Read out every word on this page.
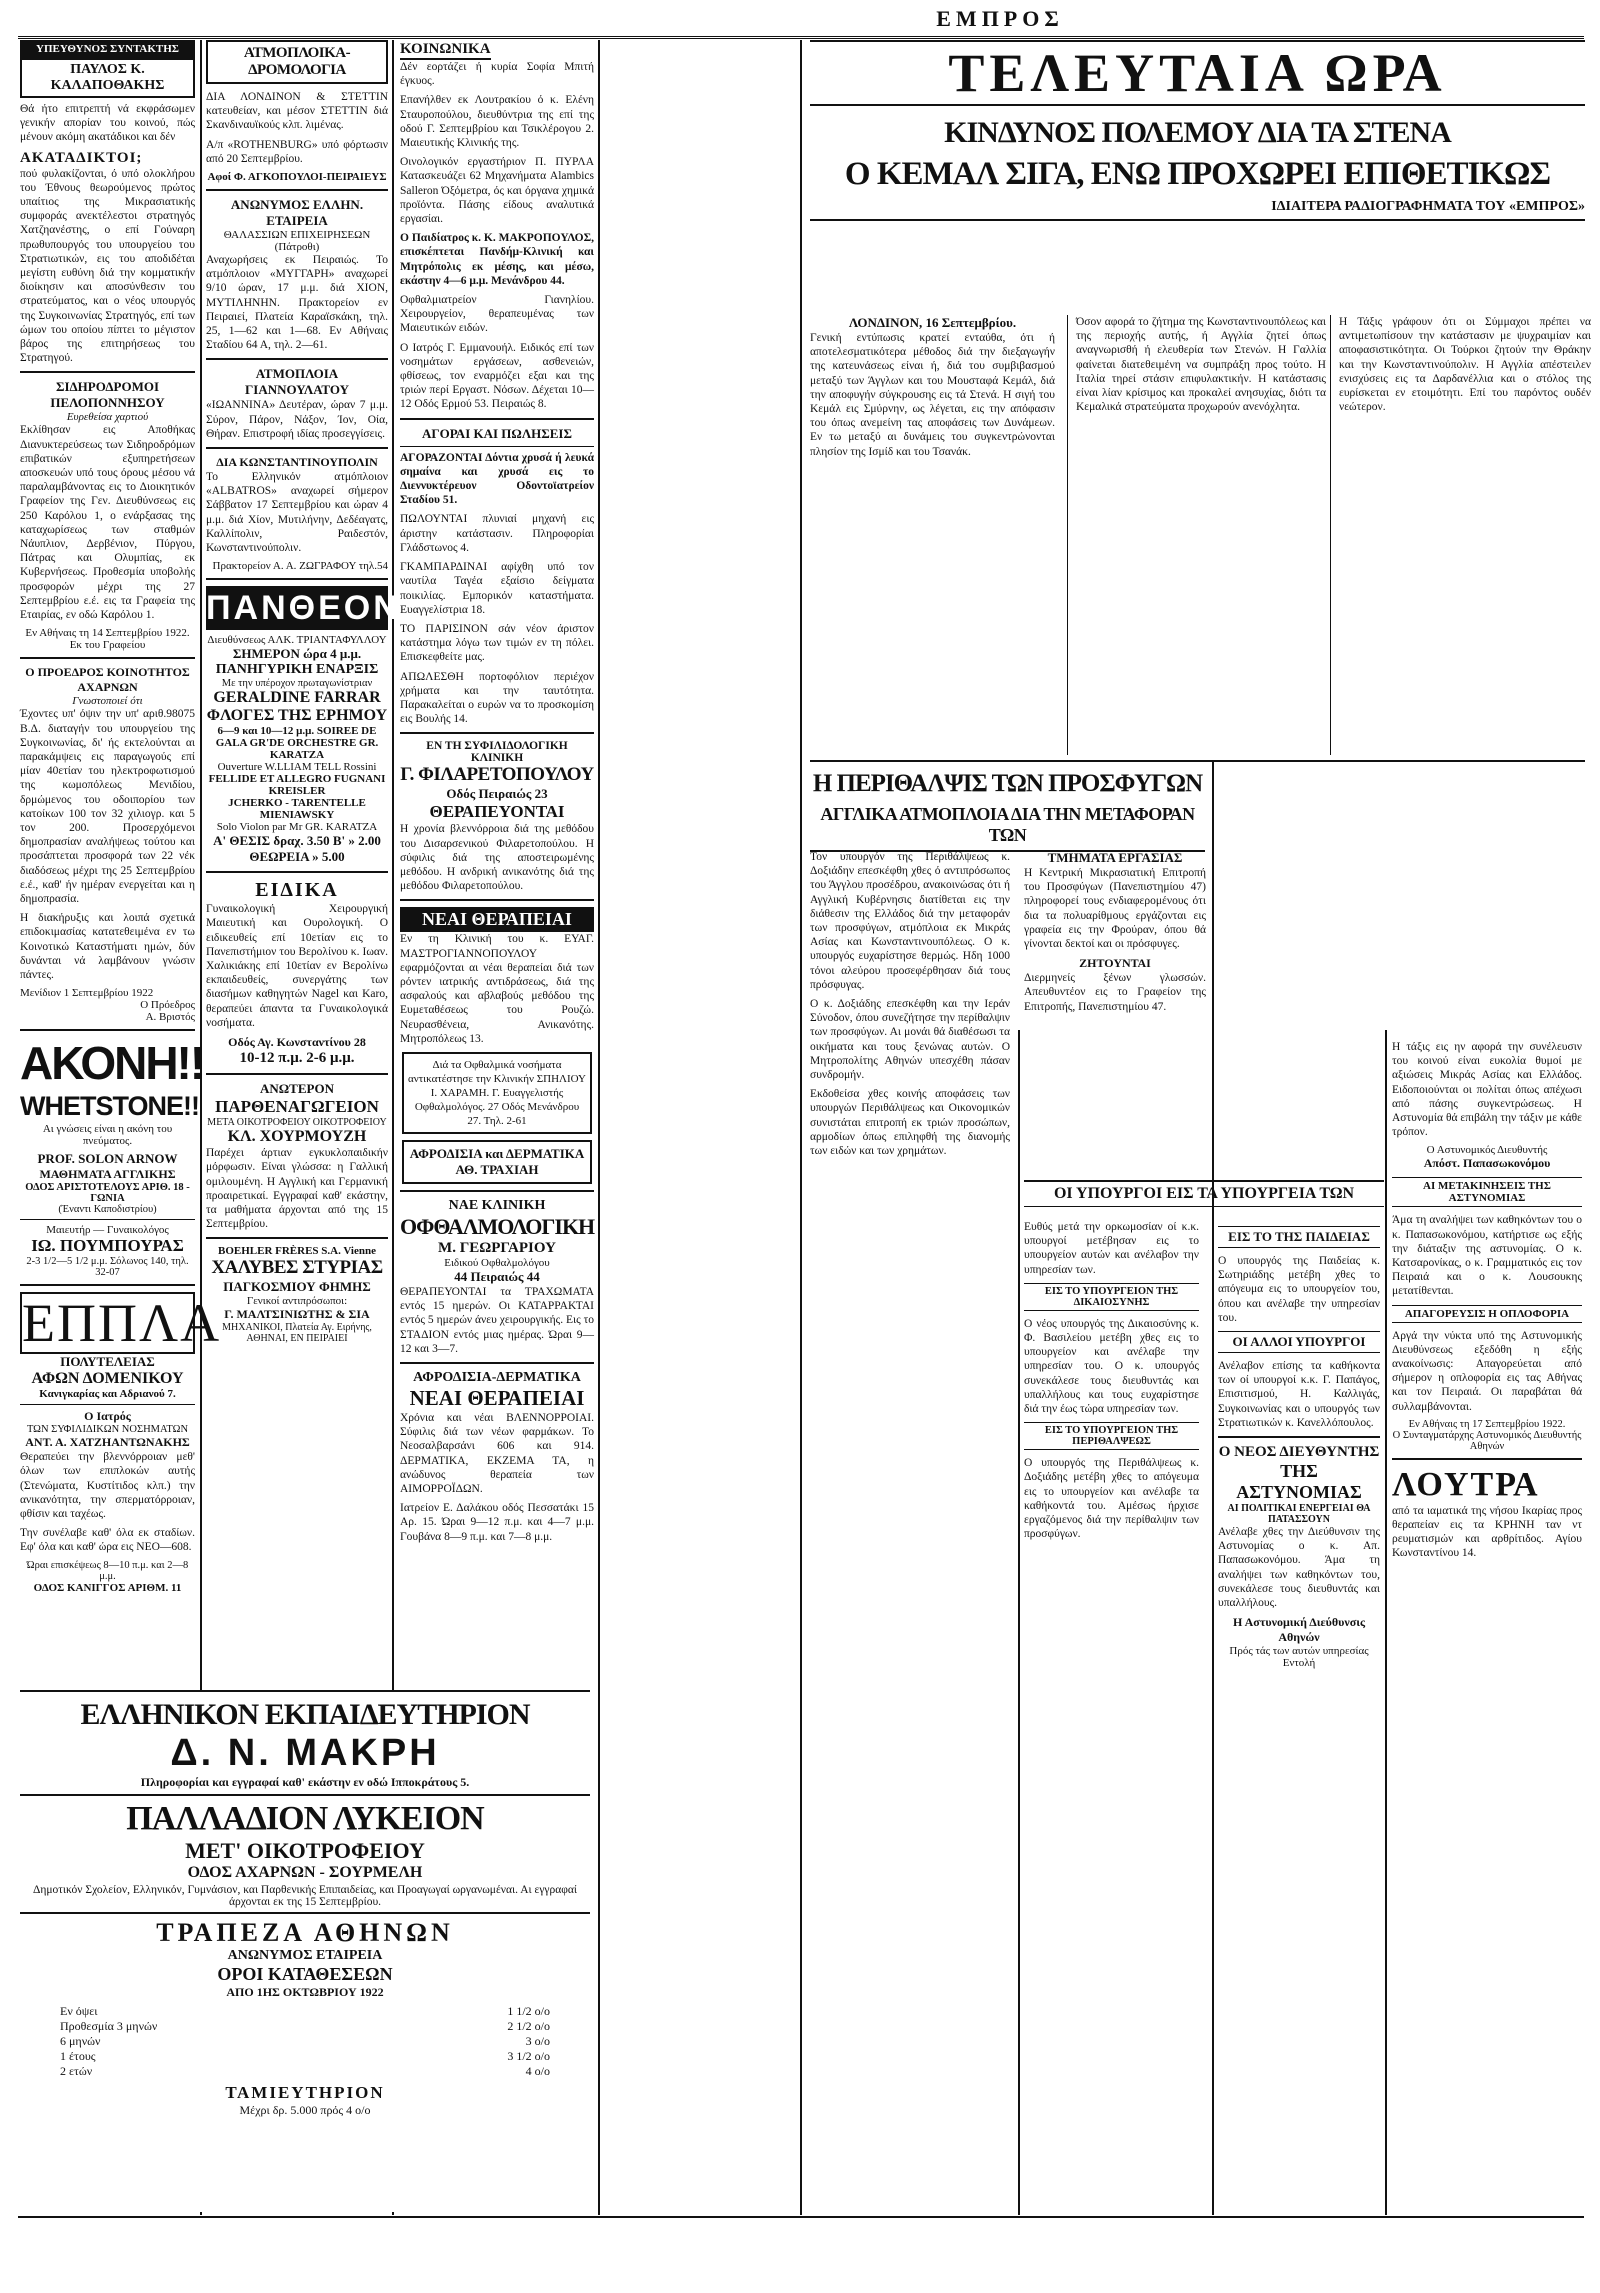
ΕΜΠΡΟΣ
ΥΠΕΥΘΥΝΟΣ ΣΥΝΤΑΚΤΗΣ
ΠΑΥΛΟΣ Κ. ΚΑΛΑΠΟΘΑΚΗΣ

Θά ήτο επιτρεπτή νά εκφράσωμεν γενικήν απορίαν του κοινού, πώς μένουν ακόμη ακατάδικοι και δέν

ΑΚΑΤΑΔΙΚΤΟΙ;

πού φυλακίζονται, ό υπό ολοκλήρου του Έθνους θεωρούμενος πρώτος υπαίτιος της Μικρασιατικής συμφοράς ανεκτέλεστοι στρατηγός Χατζηανέστης, ο επί Γούναρη πρωθυπουργός του υπουργείου του Στρατιωτικών, εις του αποδιδέται μεγίστη ευθύνη διά την κομματικήν διοίκησιν και αποσύνθεσιν του στρατεύματος, και ο νέος υπουργός της Συγκοινωνίας Στρατηγός, επί των ώμων του οποίου πίπτει το μέγιστον βάρος της επιτηρήσεως του Στρατηγού.

ΣΙΔΗΡΟΔΡΟΜΟΙ ΠΕΛΟΠΟΝΝΗΣΟΥ
Ευρεθείσα χαρτιού

Εκλίθησαν εις Αποθήκας Διανυκτερεύσεως των Σιδηροδρόμων επιβατικών εξυπηρετήσεων αποσκευών υπό τους όρους μέσου νά παραλαμβάνοντας εις το Διοικητικόν Γραφείον της Γεν. Διευθύνσεως εις 250 Καρόλου 1, ο ενάρξασας της καταχωρίσεως των σταθμών Νάυπλιον, Δερβένιον, Πύργου, Πάτρας και Ολυμπίας, εκ Κυβερνήσεως. Προθεσμία υποβολής προσφορών μέχρι της 27 Σεπτεμβρίου ε.έ. εις τα Γραφεία της Εταιρίας, εν οδώ Καρόλου 1.

Εν Αθήναις τη 14 Σεπτεμβρίου 1922.
Εκ του Γραφείου
Ο ΠΡΟΕΔΡΟΣ ΚΟΙΝΟΤΗΤΟΣ ΑΧΑΡΝΩΝ
Γνωστοποιεί ότι

Έχοντες υπ' όψιν την υπ' αριθ.98075 Β.Δ. διαταγήν του υπουργείου της Συγκοινωνίας, δι' ής εκτελούνται αι παρακάμψεις εις παραγωγούς επί μίαν 40ετίαν του ηλεκτροφωτισμού της κωμοπόλεως Μενιδίου, δρμώμενος του οδοιπορίου των κατοίκων 100 τον 32 χιλιογρ. και 5 τον 200. Προσερχόμενοι δημοπρασίαν αναλήψεως τούτου και προσάπτεται προσφορά των 22 νέκ διαδόσεως μέχρι της 25 Σεπτεμβρίου ε.έ., καθ' ήν ημέραν ενεργείται και η δημοπρασία.

Η διακήρυξις και λοιπά σχετικά επιδοκιμασίας κατατεθειμένα εν τω Κοινοτικώ Καταστήματι ημών, δύν δυνάνται νά λαμβάνουν γνώσιν πάντες.

Μενίδιον 1 Σεπτεμβρίου 1922
Ο Πρόεδρος
Α. Βριστός
ΑΚΟΝΗ!!
WHETSTONE!!
Αι γνώσεις είναι η ακόνη του πνεύματος.
PROF. SOLON ARNOW
ΜΑΘΗΜΑΤΑ ΑΓΓΛΙΚΗΣ
ΟΔΟΣ ΑΡΙΣΤΟΤΕΛΟΥΣ ΑΡΙΘ. 18 - ΓΩΝΙΑ
(Έναντι Καποδιστρίου)
Μαιευτήρ — Γυναικολόγος
ΙΩ. ΠΟΥΜΠΟΥΡΑΣ
2-3 1/2—5 1/2 μ.μ. Σόλωνος 140, τηλ. 32-07
ΕΠΠΛΑ
ΠΟΛΥΤΕΛΕΙΑΣ
ΑΦΩΝ ΔΟΜΕΝΙΚΟΥ
Κανιγκαρίας και Αδριανού 7.
Ο Ιατρός
ΤΩΝ ΣΥΦΙΛΙΔΙΚΩΝ ΝΟΣΗΜΑΤΩΝ
ΑΝΤ. Α. ΧΑΤΖΗΑΝΤΩΝΑΚΗΣ

Θεραπεύει την βλεννόρροιαν μεθ' όλων των επιπλοκών αυτής (Στενώματα, Κυστίτιδος κλπ.) την ανικανότητα, την σπερματόρροιαν, φθίσιν και ταχέως.

Την συνέλαβε καθ' όλα εκ σταδίων. Εφ' όλα και καθ' ώρα εις ΝΕΟ—608.

Ώραι επισκέψεως 8—10 π.μ. και 2—8 μ.μ.
ΟΔΟΣ ΚΑΝΙΓΓΟΣ ΑΡΙΘΜ. 11
ΑΤΜΟΠΛΟΙΚΑ-ΔΡΟΜΟΛΟΓΙΑ

ΔΙΑ ΛΟΝΔΙΝΟΝ & ΣΤΕΤΤΙΝ κατευθείαν, και μέσον ΣΤΕΤΤΙΝ διά Σκανδιναυϊκούς κλπ. λιμένας.

Α/π «ROTHENBURG» υπό φόρτωσιν από 20 Σεπτεμβρίου.

Αφοί Φ. ΑΓΚΟΠΟΥΛΟΙ-ΠΕΙΡΑΙΕΥΣ
ΑΝΩΝΥΜΟΣ ΕΛΛΗΝ. ΕΤΑΙΡΕΙΑ
ΘΑΛΑΣΣΙΩΝ ΕΠΙΧΕΙΡΗΣΕΩΝ (Πάτροθι)

Αναχωρήσεις εκ Πειραιώς. Το ατμόπλοιον «ΜΥΓΓΑΡΗ» αναχωρεί 9/10 ώραν, 17 μ.μ. διά ΧΙΟΝ, ΜΥΤΙΛΗΝΗΝ. Πρακτορείον εν Πειραιεί, Πλατεία Καραϊσκάκη, τηλ. 25, 1—62 και 1—68. Εν Αθήναις Σταδίου 64 Α, τηλ. 2—61.

ΑΤΜΟΠΛΟΙΑ ΓΙΑΝΝΟΥΛΑΤΟΥ

«ΙΩΑΝΝΙΝΑ» Δευτέραν, ώραν 7 μ.μ. Σύρον, Πάρον, Νάξον, Ίον, Οία, Θήραν. Επιστροφή ιδίας προσεγγίσεις.

ΔΙΑ ΚΩΝΣΤΑΝΤΙΝΟΥΠΟΛΙΝ

Το Ελληνικόν ατμόπλοιον «ALBATROS» αναχωρεί σήμερον Σάββατον 17 Σεπτεμβρίου και ώραν 4 μ.μ. διά Χίον, Μυτιλήνην, Δεδέαγατς, Καλλίπολιν, Ραιδεστόν, Κωνσταντινούπολιν.

Πρακτορείον Α. Α. ΖΩΓΡΑΦΟΥ τηλ.54
ΠΑΝΘΕΟΝ
Διευθύνσεως ΑΛΚ. ΤΡΙΑΝΤΑΦΥΛΛΟΥ
ΣΗΜΕΡΟΝ ώρα 4 μ.μ.
ΠΑΝΗΓΥΡΙΚΗ ΕΝΑΡΞΙΣ
Με την υπέροχον πρωταγωνίστριαν
GERALDINE FARRAR
ΦΛΟΓΕΣ ΤΗΣ ΕΡΗΜΟΥ
6—9 και 10—12 μ.μ. SOIREE DE GALA GR'DE ORCHESTRE GR. KARATZA
Ouverture W.LLIAM TELL Rossini
FELLIDE ET ALLEGRO FUGNANI KREISLER
JCHERKO - TARENTELLE MIENIAWSKY
Solo Violon par Mr GR. KARATZA
Α' ΘΕΣΙΣ δραχ. 3.50 Β' » 2.00 ΘΕΩΡΕΙΑ » 5.00
ΕΙΔΙΚΑ

Γυναικολογική Χειρουργική Μαιευτική και Ουρολογική. Ο ειδικευθείς επί 10ετίαν εις το Πανεπιστήμιον του Βερολίνου κ. Ιωαν. Χαλικιάκης επί 10ετίαν εν Βερολίνω εκπαιδευθείς, συνεργάτης των διασήμων καθηγητών Nagel και Karo, θεραπεύει άπαντα τα Γυναικολογικά νοσήματα.

Οδός Αγ. Κωνσταντίνου 28
10-12 π.μ. 2-6 μ.μ.
ΑΝΩΤΕΡΟΝ
ΠΑΡΘΕΝΑΓΩΓΕΙΟΝ
ΜΕΤΑ ΟΙΚΟΤΡΟΦΕΙΟΥ ΟΙΚΟΤΡΟΦΕΙΟΥ
ΚΛ. ΧΟΥΡΜΟΥΖΗ

Παρέχει άρτιαν εγκυκλοπαιδικήν μόρφωσιν. Είναι γλώσσα: η Γαλλική ομιλουμένη. Η Αγγλική και Γερμανική προαιρετικαί. Εγγραφαί καθ' εκάστην, τα μαθήματα άρχονται από της 15 Σεπτεμβρίου.

BOEHLER FRÈRES S.A. Vienne
ΧΑΛΥΒΕΣ ΣΤΥΡΙΑΣ
ΠΑΓΚΟΣΜΙΟΥ ΦΗΜΗΣ
Γενικοί αντιπρόσωποι:
Γ. ΜΑΛΤΣΙΝΙΩΤΗΣ & ΣΙΑ
ΜΗΧΑΝΙΚΟΙ, Πλατεία Αγ. Ειρήνης, ΑΘΗΝΑΙ, ΕΝ ΠΕΙΡΑΙΕΙ
ΚΟΙΝΩΝΙΚΑ

Δέν εορτάζει ή κυρία Σοφία Μπιτή έγκυος.

Επανήλθεν εκ Λουτρακίου ό κ. Ελένη Σταυροπούλου, διευθύντρια της επί της οδού Γ. Σεπτεμβρίου και Τσικλέρογου 2. Μαιευτικής Κλινικής της.

Οινολογικόν εργαστήριον Π. ΠΥΡΛΑ Κατασκευάζει 62 Μηχανήματα Alambics Salleron Όξόμετρα, ός και όργανα χημικά προϊόντα. Πάσης είδους αναλυτικά εργασίαι.

Ο Παιδίατρος κ. Κ. ΜΑΚΡΟΠΟΥΛΟΣ, επισκέπτεται Πανδήμ-Κλινική και Μητρόπολις εκ μέσης, και μέσω, εκάστην 4—6 μ.μ. Μενάνδρου 44.

Οφθαλμιατρείον Γιανηλίου. Χειρουργείον, θεραπευμένας των Μαιευτικών ειδών.

Ο Ιατρός Γ. Εμμανουήλ. Ειδικός επί των νοσημάτων εργάσεων, ασθενειών, φθίσεως, τον εναρμόζει εξαι και της τριών περί Εργαστ. Νόσων. Δέχεται 10—12 Οδός Ερμού 53. Πειραιώς 8.

ΑΓΟΡΑΙ ΚΑΙ ΠΩΛΗΣΕΙΣ

ΑΓΟΡΑΖΟΝΤΑΙ Δόντια χρυσά ή λευκά σημαίνα και χρυσά εις το Διεννυκτέρευον Οδοντοϊατρείον Σταδίου 51.

ΠΩΛΟΥΝΤΑΙ πλυνιαί μηχανή εις άριστην κατάστασιν. Πληροφορίαι Γλάδστωνος 4.

ΓΚΑΜΠΑΡΔΙΝΑΙ αφίχθη υπό τον ναυτίλα Ταγέα εξαίσιο δείγματα ποικιλίας. Εμπορικόν καταστήματα. Ευαγγελίστρια 18.

ΤΟ ΠΑΡΙΣΙΝΟΝ σάν νέον άριστον κατάστημα λόγω των τιμών εν τη πόλει. Επισκεφθείτε μας.

ΑΠΩΛΕΣΘΗ πορτοφόλιον περιέχον χρήματα και την ταυτότητα. Παρακαλείται ο ευρών να το προσκομίση εις Βουλής 14.

ΕΝ ΤΗ ΣΥΦΙΛΙΔΟΛΟΓΙΚΗ ΚΛΙΝΙΚΗ
Γ. ΦΙΛΑΡΕΤΟΠΟΥΛΟΥ
Οδός Πειραιώς 23
ΘΕΡΑΠΕΥΟΝΤΑΙ

Η χρονία βλεννόρροια διά της μεθόδου του Δισαρσενικού Φιλαρετοπούλου. Η σύφιλις διά της αποστειρωμένης μεθόδου. Η ανδρική ανικανότης διά της μεθόδου Φιλαρετοπούλου.

ΝΕΑΙ ΘΕΡΑΠΕΙΑΙ

Εν τη Κλινική του κ. ΕΥΑΓ. ΜΑΣΤΡΟΓΙΑΝΝΟΠΟΥΛΟΥ εφαρμόζονται αι νέαι θεραπείαι διά των ρόντεν ιατρικής αντιδράσεως, διά της ασφαλούς και αβλαβούς μεθόδου της Ευμεταθέσεως του Ρουζώ. Νευρασθένεια, Ανικανότης. Μητροπόλεως 13.

Διά τα Οφθαλμικά νοσήματα αντικατέστησε την Κλινικήν ΣΠΗΛΙΟΥ Ι. ΧΑΡΑΜΗ. Γ. Ευαγγελιστής Οφθαλμολόγος. 27 Οδός Μενάνδρου 27. Τηλ. 2-61
ΑΦΡΟΔΙΣΙΑ και ΔΕΡΜΑΤΙΚΑ
ΑΘ. ΤΡΑΧΙΑΗ
ΝΑΕ ΚΛΙΝΙΚΗ
ΟΦΘΑΛΜΟΛΟΓΙΚΗ
Μ. ΓΕΩΡΓΑΡΙΟΥ
Ειδικού Οφθαλμολόγου
44 Πειραιώς 44

ΘΕΡΑΠΕΥΟΝΤΑΙ τα ΤΡΑΧΩΜΑΤΑ εντός 15 ημερών. Οι ΚΑΤΑΡΡΑΚΤΑΙ εντός 5 ημερών άνευ χειρουργικής. Εις το ΣΤΑΔΙΟΝ εντός μιας ημέρας. Ώραι 9—12 και 3—7.

ΑΦΡΟΔΙΣΙΑ-ΔΕΡΜΑΤΙΚΑ
ΝΕΑΙ ΘΕΡΑΠΕΙΑΙ

Χρόνια και νέαι ΒΛΕΝΝΟΡΡΟΙΑΙ. Σύφιλις διά των νέων φαρμάκων. Το Νεοσαλβαρσάνι 606 και 914. ΔΕΡΜΑΤΙΚΑ, ΕΚΖΕΜΑ ΤΑ, η ανώδυνος θεραπεία των ΑΙΜΟΡΡΟΪΔΩΝ.

Ιατρείον Ε. Δαλάκου οδός Πεσσατάκι 15 Αρ. 15. Ώραι 9—12 π.μ. και 4—7 μ.μ. Γουβάνα 8—9 π.μ. και 7—8 μ.μ.

ΤΕΛΕΥΤΑΙΑ ΩΡΑ
ΚΙΝΔΥΝΟΣ ΠΟΛΕΜΟΥ ΔΙΑ ΤΑ ΣΤΕΝΑ
Ο ΚΕΜΑΛ ΣΙΓΑ, ΕΝΩ ΠΡΟΧΩΡΕΙ ΕΠΙΘΕΤΙΚΩΣ
ΙΔΙΑΙΤΕΡΑ ΡΑΔΙΟΓΡΑΦΗΜΑΤΑ ΤΟΥ «ΕΜΠΡΟΣ»
ΛΟΝΔΙΝΟΝ, 16 Σεπτεμβρίου.

Γενική εντύπωσις κρατεί ενταύθα, ότι ή αποτελεσματικότερα μέθοδος διά την διεξαγωγήν της κατευνάσεως είναι ή, διά του συμβιβασμού μεταξύ των Άγγλων και του Μουσταφά Κεμάλ, διά την αποφυγήν σύγκρουσης εις τά Στενά. Η σιγή του Κεμάλ εις Σμύρνην, ως λέγεται, εις την απόφασιν του όπως ανεμείνη τας αποφάσεις των Δυνάμεων. Εν τω μεταξύ αι δυνάμεις του συγκεντρώνονται πλησίον της Ισμίδ και του Τσανάκ.

Όσον αφορά το ζήτημα της Κωνσταντινουπόλεως και της περιοχής αυτής, ή Αγγλία ζητεί όπως αναγνωρισθή ή ελευθερία των Στενών. Η Γαλλία φαίνεται διατεθειμένη να συμπράξη προς τούτο. Η Ιταλία τηρεί στάσιν επιφυλακτικήν. Η κατάστασις είναι λίαν κρίσιμος και προκαλεί ανησυχίας, διότι τα Κεμαλικά στρατεύματα προχωρούν ανενόχλητα.

Η Τάξις γράφουν ότι οι Σύμμαχοι πρέπει να αντιμετωπίσουν την κατάστασιν με ψυχραιμίαν και αποφασιστικότητα. Οι Τούρκοι ζητούν την Θράκην και την Κωνσταντινούπολιν. Η Αγγλία απέστειλεν ενισχύσεις εις τα Δαρδανέλλια και ο στόλος της ευρίσκεται εν ετοιμότητι. Επί του παρόντος ουδέν νεώτερον.

Η ΠΕΡΙΘΑΛΨΙΣ ΤΩΝ ΠΡΟΣΦΥΓΩΝ
ΑΓΓΛΙΚΑ ΑΤΜΟΠΛΟΙΑ ΔΙΑ ΤΗΝ ΜΕΤΑΦΟΡΑΝ ΤΩΝ

Τον υπουργόν της Περιθάλψεως κ. Δοξιάδην επεσκέφθη χθες ό αντιπρόσωπος του Άγγλου προσέδρου, ανακοινώσας ότι ή Αγγλική Κυβέρνησις διατίθεται εις την διάθεσιν της Ελλάδος διά την μεταφοράν των προσφύγων, ατμόπλοια εκ Μικράς Ασίας και Κωνσταντινουπόλεως. Ο κ. υπουργός ευχαρίστησε θερμώς. Ηδη 1000 τόνοι αλεύρου προσεφέρθησαν διά τους πρόσφυγας.

Ο κ. Δοξιάδης επεσκέφθη και την Ιεράν Σύνοδον, όπου συνεζήτησε την περίθαλψιν των προσφύγων. Αι μονάι θά διαθέσωσι τα οικήματα και τους ξενώνας αυτών. Ο Μητροπολίτης Αθηνών υπεσχέθη πάσαν συνδρομήν.

Εκδοθείσα χθες κοινής αποφάσεις των υπουργών Περιθάλψεως και Οικονομικών συνιστάται επιτροπή εκ τριών προσώπων, αρμοδίων όπως επιληφθή της διανομής των ειδών και των χρημάτων.

ΤΜΗΜΑΤΑ ΕΡΓΑΣΙΑΣ

Η Κεντρική Μικρασιατική Επιτροπή του Προσφύγων (Πανεπιστημίου 47) πληροφορεί τους ενδιαφερομένους ότι δια τα πολυαρίθμους εργάζονται εις γραφεία εις την Φρούραν, όπου θά γίνονται δεκτοί και οι πρόσφυγες.

ΖΗΤΟΥΝΤΑΙ

Διερμηνείς ξένων γλωσσών. Απευθυντέον εις το Γραφείον της Επιτροπής, Πανεπιστημίου 47.

ΟΙ ΥΠΟΥΡΓΟΙ ΕΙΣ ΤΑ ΥΠΟΥΡΓΕΙΑ ΤΩΝ

Ευθύς μετά την ορκωμοσίαν οί κ.κ. υπουργοί μετέβησαν εις το υπουργείον αυτών και ανέλαβον την υπηρεσίαν των.

ΕΙΣ ΤΟ ΥΠΟΥΡΓΕΙΟΝ ΤΗΣ ΔΙΚΑΙΟΣΥΝΗΣ

Ο νέος υπουργός της Δικαιοσύνης κ. Φ. Βασιλείου μετέβη χθες εις το υπουργείον και ανέλαβε την υπηρεσίαν του. Ο κ. υπουργός συνεκάλεσε τους διευθυντάς και υπαλλήλους και τους ευχαρίστησε διά την έως τώρα υπηρεσίαν των.

ΕΙΣ ΤΟ ΥΠΟΥΡΓΕΙΟΝ ΤΗΣ ΠΕΡΙΘΑΛΨΕΩΣ

Ο υπουργός της Περιθάλψεως κ. Δοξιάδης μετέβη χθες το απόγευμα εις το υπουργείον και ανέλαβε τα καθήκοντά του. Αμέσως ήρχισε εργαζόμενος διά την περίθαλψιν των προσφύγων.

ΕΙΣ ΤΟ ΤΗΣ ΠΑΙΔΕΙΑΣ

Ο υπουργός της Παιδείας κ. Σωτηριάδης μετέβη χθες το απόγευμα εις το υπουργείον του, όπου και ανέλαβε την υπηρεσίαν του.

ΟΙ ΑΛΛΟΙ ΥΠΟΥΡΓΟΙ

Ανέλαβον επίσης τα καθήκοντα των οί υπουργοί κ.κ. Γ. Παπάγος, Επισιτισμού, Η. Καλλιγάς, Συγκοινωνίας και ο υπουργός των Στρατιωτικών κ. Κανελλόπουλος.

Ο ΝΕΟΣ ΔΙΕΥΘΥΝΤΗΣ
ΤΗΣ ΑΣΤΥΝΟΜΙΑΣ
ΑΙ ΠΟΛΙΤΙΚΑΙ ΕΝΕΡΓΕΙΑΙ ΘΑ ΠΑΤΑΣΣΟΥΝ

Ανέλαβε χθες την Διεύθυνσιν της Αστυνομίας ο κ. Απ. Παπασωκονόμου. Άμα τη αναλήψει των καθηκόντων του, συνεκάλεσε τους διευθυντάς και υπαλλήλους.

Η Αστυνομική Διεύθυνσις Αθηνών
Πρός τάς των αυτών υπηρεσίας Εντολή

Η τάξις εις ην αφορά την συνέλευσιν του κοινού είναι ευκολία θυμοί με αξιώσεις Μικράς Ασίας και Ελλάδος. Ειδοποιούνται οι πολίται όπως απέχωσι από πάσης συγκεντρώσεως. Η Αστυνομία θά επιβάλη την τάξιν με κάθε τρόπον.

Ο Αστυνομικός Διευθυντής
Απόστ. Παπασωκονόμου
ΑΙ ΜΕΤΑΚΙΝΗΣΕΙΣ ΤΗΣ ΑΣΤΥΝΟΜΙΑΣ

Άμα τη αναλήψει των καθηκόντων του ο κ. Παπασωκονόμου, κατήρτισε ως εξής την διάταξιν της αστυνομίας. Ο κ. Κατσαρονίκας, ο κ. Γραμματικός εις τον Πειραιά και ο κ. Λουσουκης μετατίθενται.

ΑΠΑΓΟΡΕΥΣΙΣ Η ΟΠΛΟΦΟΡΙΑ

Αργά την νύκτα υπό της Αστυνομικής Διευθύνσεως εξεδόθη η εξής ανακοίνωσις: Απαγορεύεται από σήμερον η οπλοφορία εις τας Αθήνας και τον Πειραιά. Οι παραβάται θά συλλαμβάνονται.

Εν Αθήναις τη 17 Σεπτεμβρίου 1922.
Ο Συνταγματάρχης Αστυνομικός Διευθυντής Αθηνών
ΛΟΥΤΡΑ

από τα ιαματικά της νήσου Ικαρίας προς θεραπείαν εις τα ΚΡΗΝΗ ταν ντ ρευματισμών και αρθρίτιδος. Αγίου Κωνσταντίνου 14.

ΕΛΛΗΝΙΚΟΝ ΕΚΠΑΙΔΕΥΤΗΡΙΟΝ
Δ. Ν. ΜΑΚΡΗ
Πληροφορίαι και εγγραφαί καθ' εκάστην εν οδώ Ιπποκράτους 5.
ΠΑΛΛΑΔΙΟΝ ΛΥΚΕΙΟΝ
ΜΕΤ' ΟΙΚΟΤΡΟΦΕΙΟΥ
ΟΔΟΣ ΑΧΑΡΝΩΝ - ΣΟΥΡΜΕΛΗ
Δημοτικόν Σχολείον, Ελληνικόν, Γυμνάσιον, και Παρθενικής Επιπαιδείας, και Προαγωγαί ωργανωμέναι. Αι εγγραφαί άρχονται εκ της 15 Σεπτεμβρίου.
ΤΡΑΠΕΖΑ ΑΘΗΝΩΝ
ΑΝΩΝΥΜΟΣ ΕΤΑΙΡΕΙΑ
ΟΡΟΙ ΚΑΤΑΘΕΣΕΩΝ
ΑΠΟ 1ΗΣ ΟΚΤΩΒΡΙΟΥ 1922
Εν όψει	1 1/2 ο/ο
Προθεσμία 3 μηνών	2 1/2 ο/ο
6 μηνών	3 ο/ο
1 έτους	3 1/2 ο/ο
2 ετών	4 ο/ο
ΤΑΜΙΕΥΤΗΡΙΟΝ
Μέχρι δρ. 5.000 πρός 4 ο/ο
